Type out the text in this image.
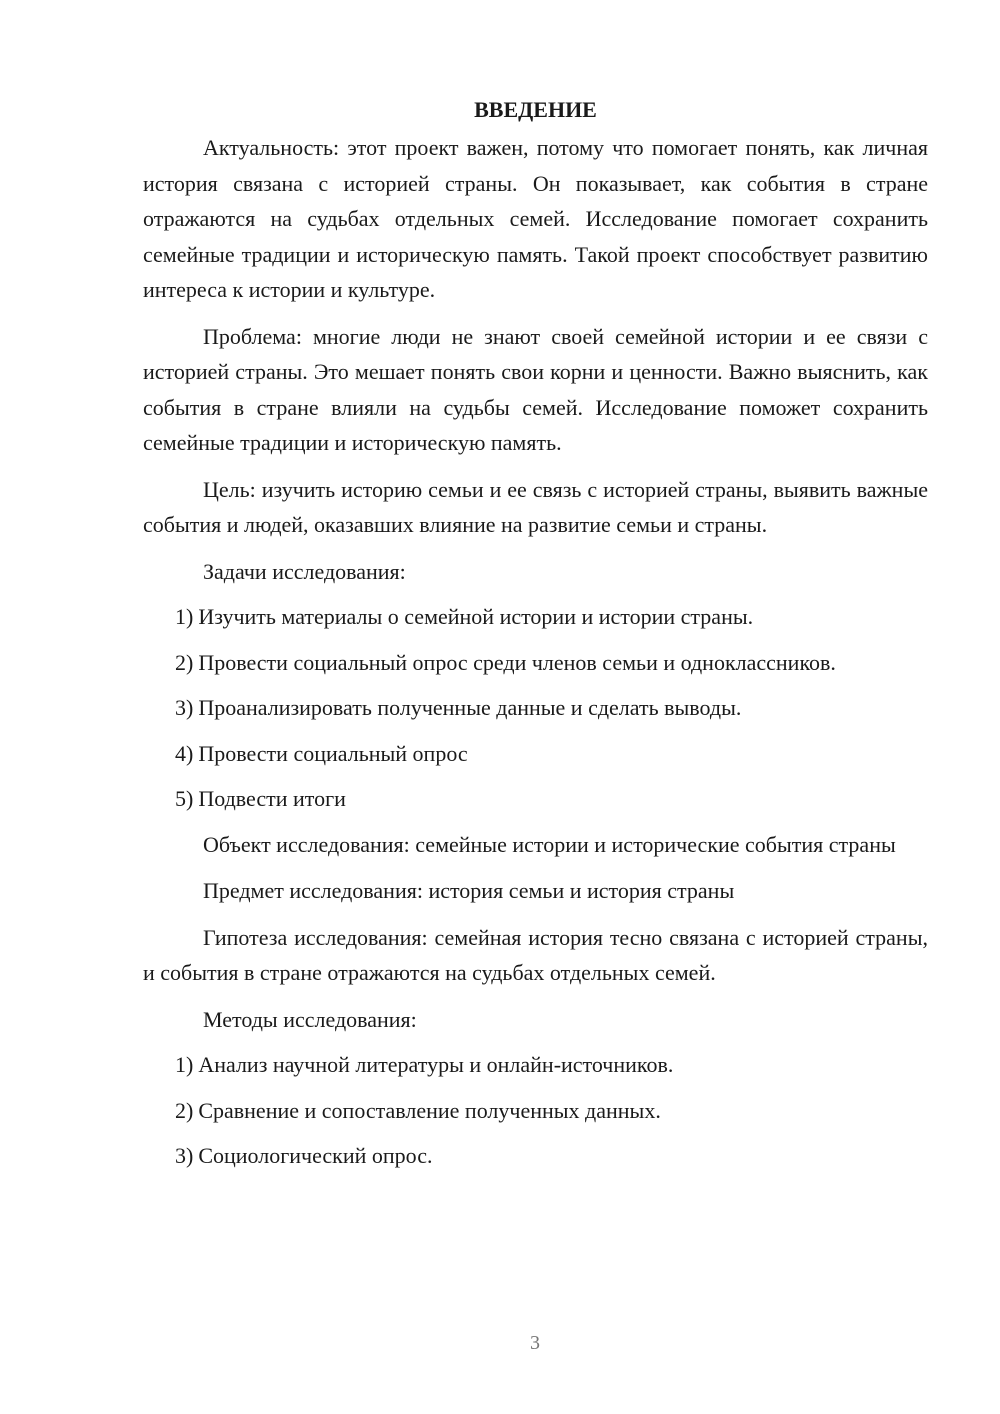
ВВЕДЕНИЕ

Актуальность: этот проект важен, потому что помогает понять, как личная история связана с историей страны. Он показывает, как события в стране отражаются на судьбах отдельных семей. Исследование помогает сохранить семейные традиции и историческую память. Такой проект способствует развитию интереса к истории и культуре.

Проблема: многие люди не знают своей семейной истории и ее связи с историей страны. Это мешает понять свои корни и ценности. Важно выяснить, как события в стране влияли на судьбы семей. Исследование поможет сохранить семейные традиции и историческую память.

Цель: изучить историю семьи и ее связь с историей страны, выявить важные события и людей, оказавших влияние на развитие семьи и страны.

Задачи исследования:
1) Изучить материалы о семейной истории и истории страны.
2) Провести социальный опрос среди членов семьи и одноклассников.
3) Проанализировать полученные данные и сделать выводы.
4) Провести социальный опрос
5) Подвести итоги

Объект исследования: семейные истории и исторические события страны

Предмет исследования: история семьи и история страны

Гипотеза исследования: семейная история тесно связана с историей страны, и события в стране отражаются на судьбах отдельных семей.

Методы исследования:
1) Анализ научной литературы и онлайн-источников.
2) Сравнение и сопоставление полученных данных.
3) Социологический опрос.
3
